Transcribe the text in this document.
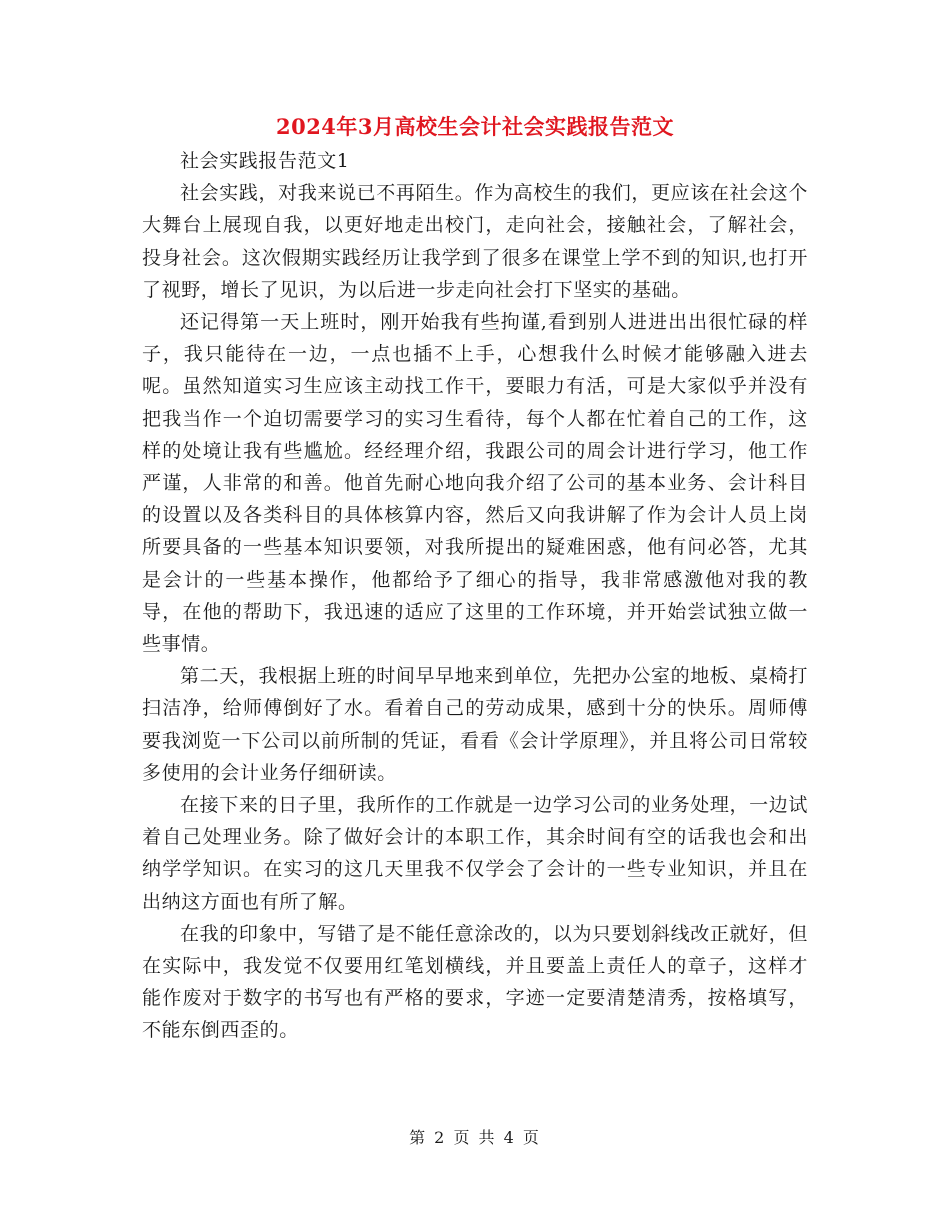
2024年3月高校生会计社会实践报告范文

社会实践报告范文1

社会实践，对我来说已不再陌生。作为高校生的我们，更应该在社会这个大舞台上展现自我，以更好地走出校门，走向社会，接触社会，了解社会，投身社会。这次假期实践经历让我学到了很多在课堂上学不到的知识,也打开了视野，增长了见识，为以后进一步走向社会打下坚实的基础。

还记得第一天上班时，刚开始我有些拘谨,看到别人进进出出很忙碌的样子，我只能待在一边，一点也插不上手，心想我什么时候才能够融入进去呢。虽然知道实习生应该主动找工作干，要眼力有活，可是大家似乎并没有把我当作一个迫切需要学习的实习生看待，每个人都在忙着自己的工作，这样的处境让我有些尴尬。经经理介绍，我跟公司的周会计进行学习，他工作严谨，人非常的和善。他首先耐心地向我介绍了公司的基本业务、会计科目的设置以及各类科目的具体核算内容，然后又向我讲解了作为会计人员上岗所要具备的一些基本知识要领，对我所提出的疑难困惑，他有问必答，尤其是会计的一些基本操作，他都给予了细心的指导，我非常感激他对我的教导，在他的帮助下，我迅速的适应了这里的工作环境，并开始尝试独立做一些事情。

第二天，我根据上班的时间早早地来到单位，先把办公室的地板、桌椅打扫洁净，给师傅倒好了水。看着自己的劳动成果，感到十分的快乐。周师傅要我浏览一下公司以前所制的凭证，看看《会计学原理》，并且将公司日常较多使用的会计业务仔细研读。

在接下来的日子里，我所作的工作就是一边学习公司的业务处理，一边试着自己处理业务。除了做好会计的本职工作，其余时间有空的话我也会和出纳学学知识。在实习的这几天里我不仅学会了会计的一些专业知识，并且在出纳这方面也有所了解。

在我的印象中，写错了是不能任意涂改的，以为只要划斜线改正就好，但在实际中，我发觉不仅要用红笔划横线，并且要盖上责任人的章子，这样才能作废对于数字的书写也有严格的要求，字迹一定要清楚清秀，按格填写，不能东倒西歪的。

第 2 页 共 4 页
